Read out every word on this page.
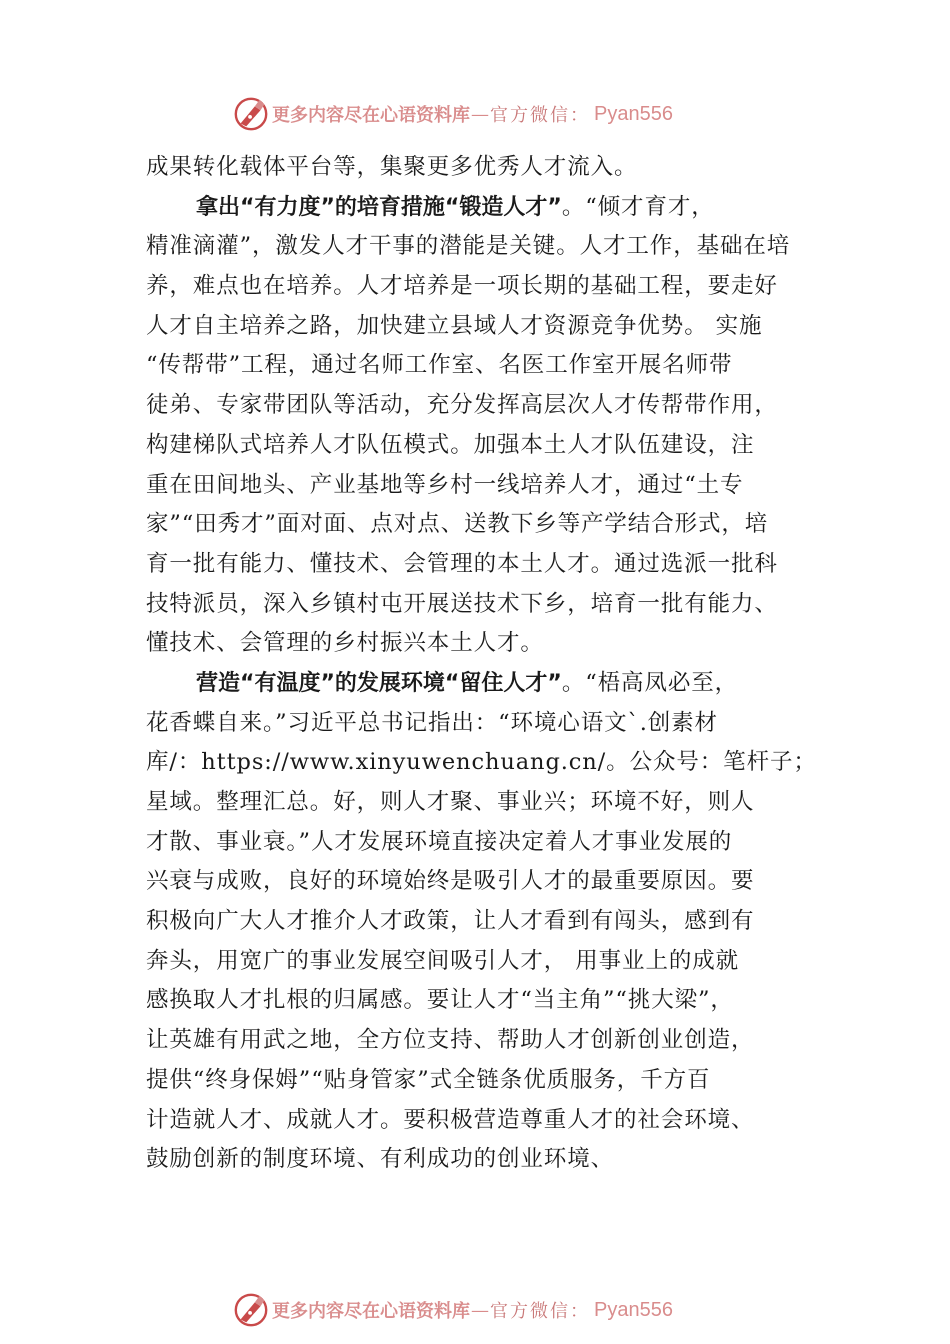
更多内容尽在心语资料库 — 官方微信： Pyan556
成果转化载体平台等，集聚更多优秀人才流入。
拿出“有力度”的培育措施“锻造人才”。“倾才育才，
精准滴灌”，激发人才干事的潜能是关键。人才工作，基础在培
养，难点也在培养。人才培养是一项长期的基础工程，要走好
人才自主培养之路，加快建立县域人才资源竞争优势。 实施
“传帮带”工程，通过名师工作室、名医工作室开展名师带
徒弟、专家带团队等活动，充分发挥高层次人才传帮带作用，
构建梯队式培养人才队伍模式。加强本土人才队伍建设，注
重在田间地头、产业基地等乡村一线培养人才，通过“土专
家”“田秀才”面对面、点对点、送教下乡等产学结合形式，培
育一批有能力、懂技术、会管理的本土人才。通过选派一批科
技特派员，深入乡镇村屯开展送技术下乡，培育一批有能力、
懂技术、会管理的乡村振兴本土人才。
营造“有温度”的发展环境“留住人才”。“梧高凤必至，
花香蝶自来。”习近平总书记指出：“环境心语文`.创素材
库/：https://www.xinyuwenchuang.cn/。公众号：笔杆子；
星域。整理汇总。好，则人才聚、事业兴；环境不好，则人
才散、事业衰。”人才发展环境直接决定着人才事业发展的
兴衰与成败，良好的环境始终是吸引人才的最重要原因。要
积极向广大人才推介人才政策，让人才看到有闯头，感到有
奔头，用宽广的事业发展空间吸引人才， 用事业上的成就
感换取人才扎根的归属感。要让人才“当主角”“挑大梁”，
让英雄有用武之地，全方位支持、帮助人才创新创业创造，
提供“终身保姆”“贴身管家”式全链条优质服务，千方百
计造就人才、成就人才。要积极营造尊重人才的社会环境、
鼓励创新的制度环境、有利成功的创业环境、
更多内容尽在心语资料库 — 官方微信： Pyan556
